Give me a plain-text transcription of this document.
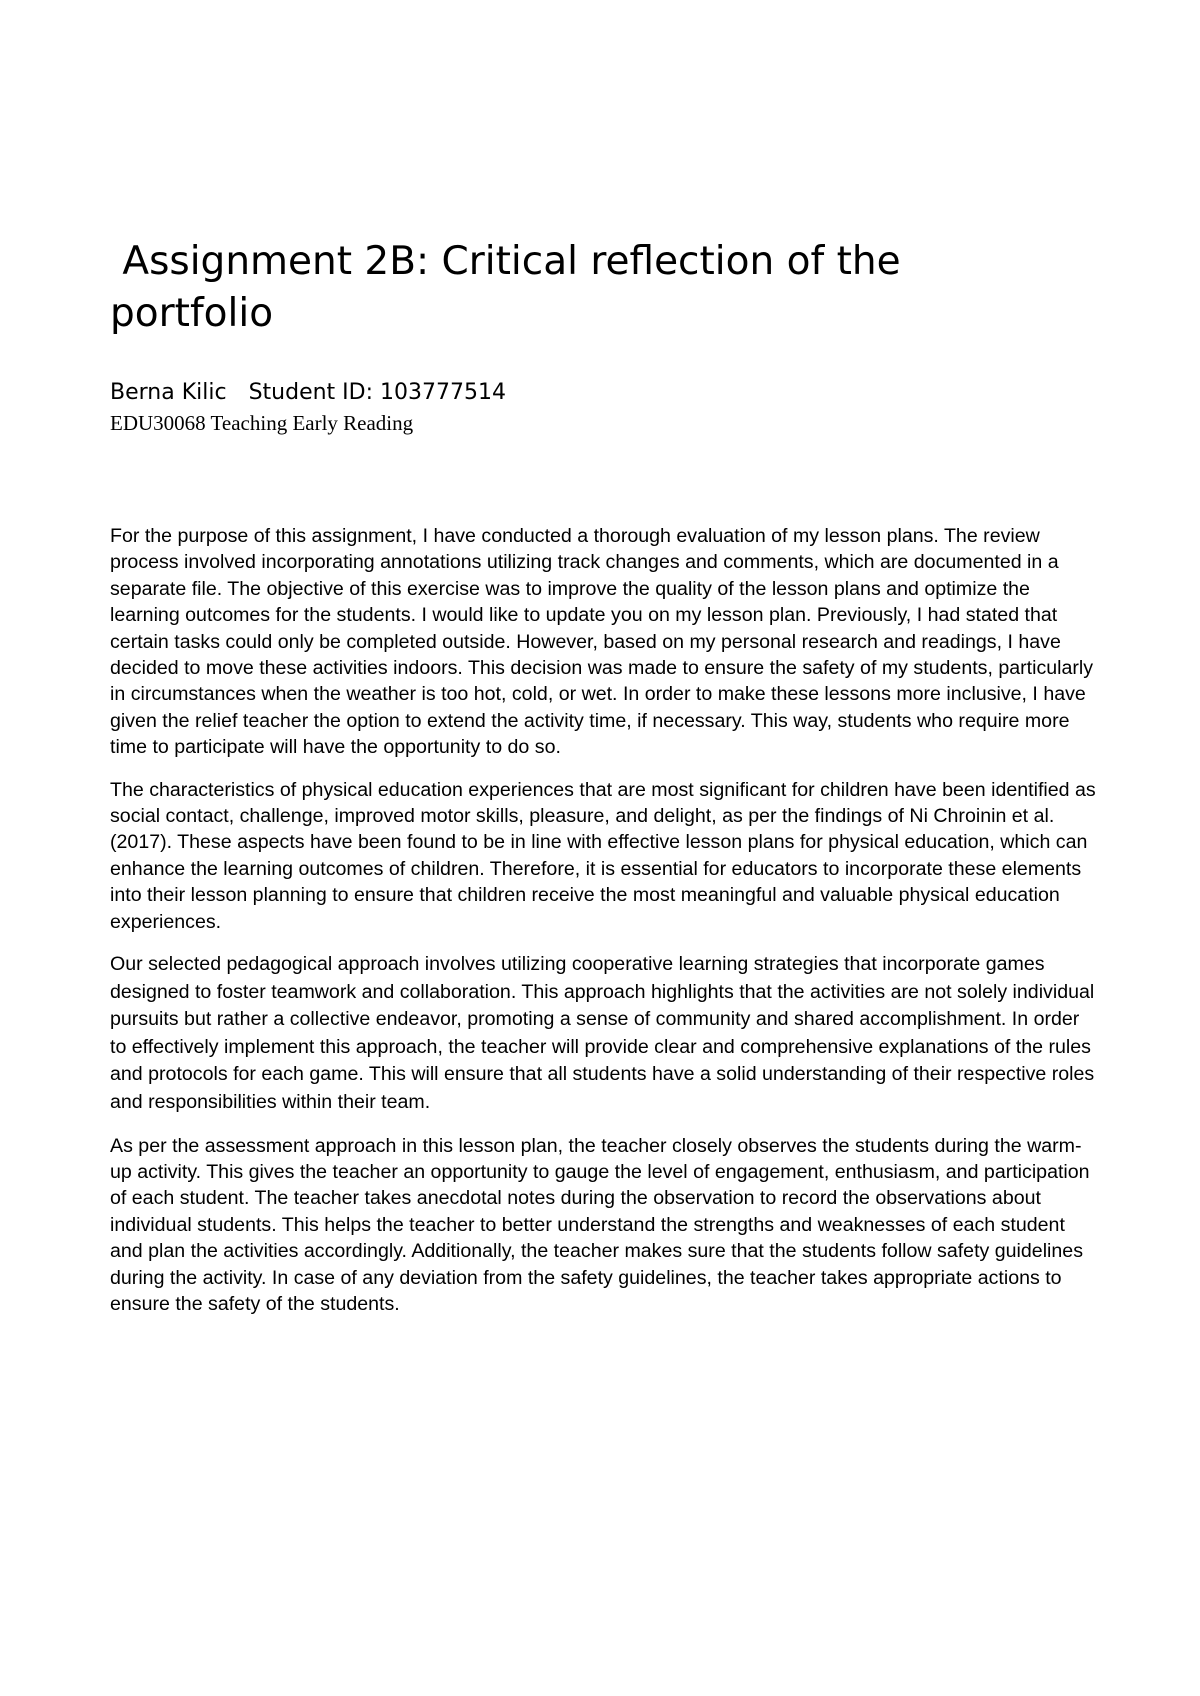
Assignment 2B: Critical reflection of the portfolio
Berna Kilic Student ID: 103777514
EDU30068 Teaching Early Reading

For the purpose of this assignment, I have conducted a thorough evaluation of my lesson plans. The review process involved incorporating annotations utilizing track changes and comments, which are documented in a separate file. The objective of this exercise was to improve the quality of the lesson plans and optimize the learning outcomes for the students. I would like to update you on my lesson plan. Previously, I had stated that certain tasks could only be completed outside. However, based on my personal research and readings, I have decided to move these activities indoors. This decision was made to ensure the safety of my students, particularly in circumstances when the weather is too hot, cold, or wet. In order to make these lessons more inclusive, I have given the relief teacher the option to extend the activity time, if necessary. This way, students who require more time to participate will have the opportunity to do so.

The characteristics of physical education experiences that are most significant for children have been identified as social contact, challenge, improved motor skills, pleasure, and delight, as per the findings of Ni Chroinin et al. (2017). These aspects have been found to be in line with effective lesson plans for physical education, which can enhance the learning outcomes of children. Therefore, it is essential for educators to incorporate these elements into their lesson planning to ensure that children receive the most meaningful and valuable physical education experiences.

Our selected pedagogical approach involves utilizing cooperative learning strategies that incorporate games designed to foster teamwork and collaboration. This approach highlights that the activities are not solely individual pursuits but rather a collective endeavor, promoting a sense of community and shared accomplishment. In order to effectively implement this approach, the teacher will provide clear and comprehensive explanations of the rules and protocols for each game. This will ensure that all students have a solid understanding of their respective roles and responsibilities within their team.

As per the assessment approach in this lesson plan, the teacher closely observes the students during the warm-up activity. This gives the teacher an opportunity to gauge the level of engagement, enthusiasm, and participation of each student. The teacher takes anecdotal notes during the observation to record the observations about individual students. This helps the teacher to better understand the strengths and weaknesses of each student and plan the activities accordingly. Additionally, the teacher makes sure that the students follow safety guidelines during the activity. In case of any deviation from the safety guidelines, the teacher takes appropriate actions to ensure the safety of the students.
